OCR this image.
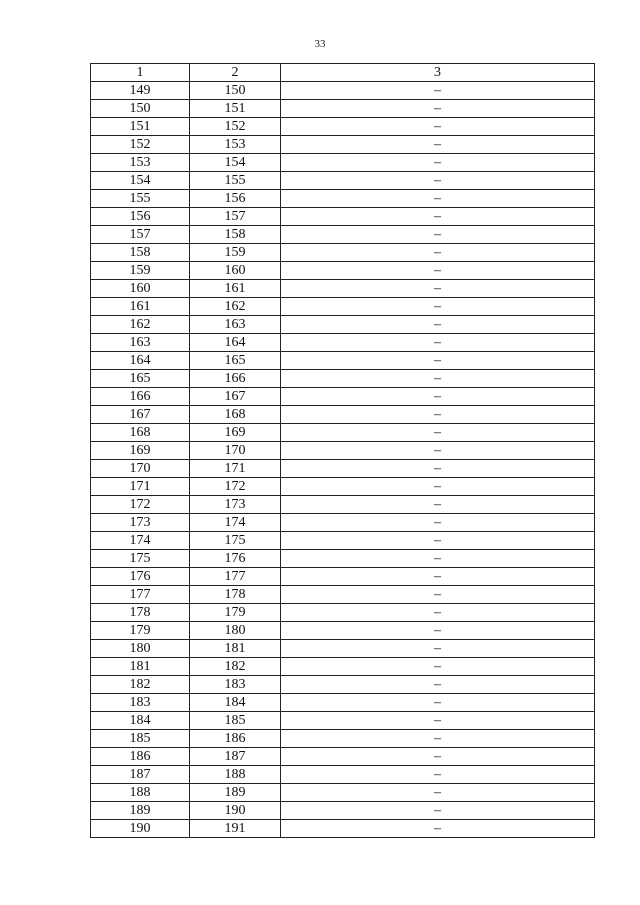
33
1	2	3
149	150	–
150	151	–
151	152	–
152	153	–
153	154	–
154	155	–
155	156	–
156	157	–
157	158	–
158	159	–
159	160	–
160	161	–
161	162	–
162	163	–
163	164	–
164	165	–
165	166	–
166	167	–
167	168	–
168	169	–
169	170	–
170	171	–
171	172	–
172	173	–
173	174	–
174	175	–
175	176	–
176	177	–
177	178	–
178	179	–
179	180	–
180	181	–
181	182	–
182	183	–
183	184	–
184	185	–
185	186	–
186	187	–
187	188	–
188	189	–
189	190	–
190	191	–
